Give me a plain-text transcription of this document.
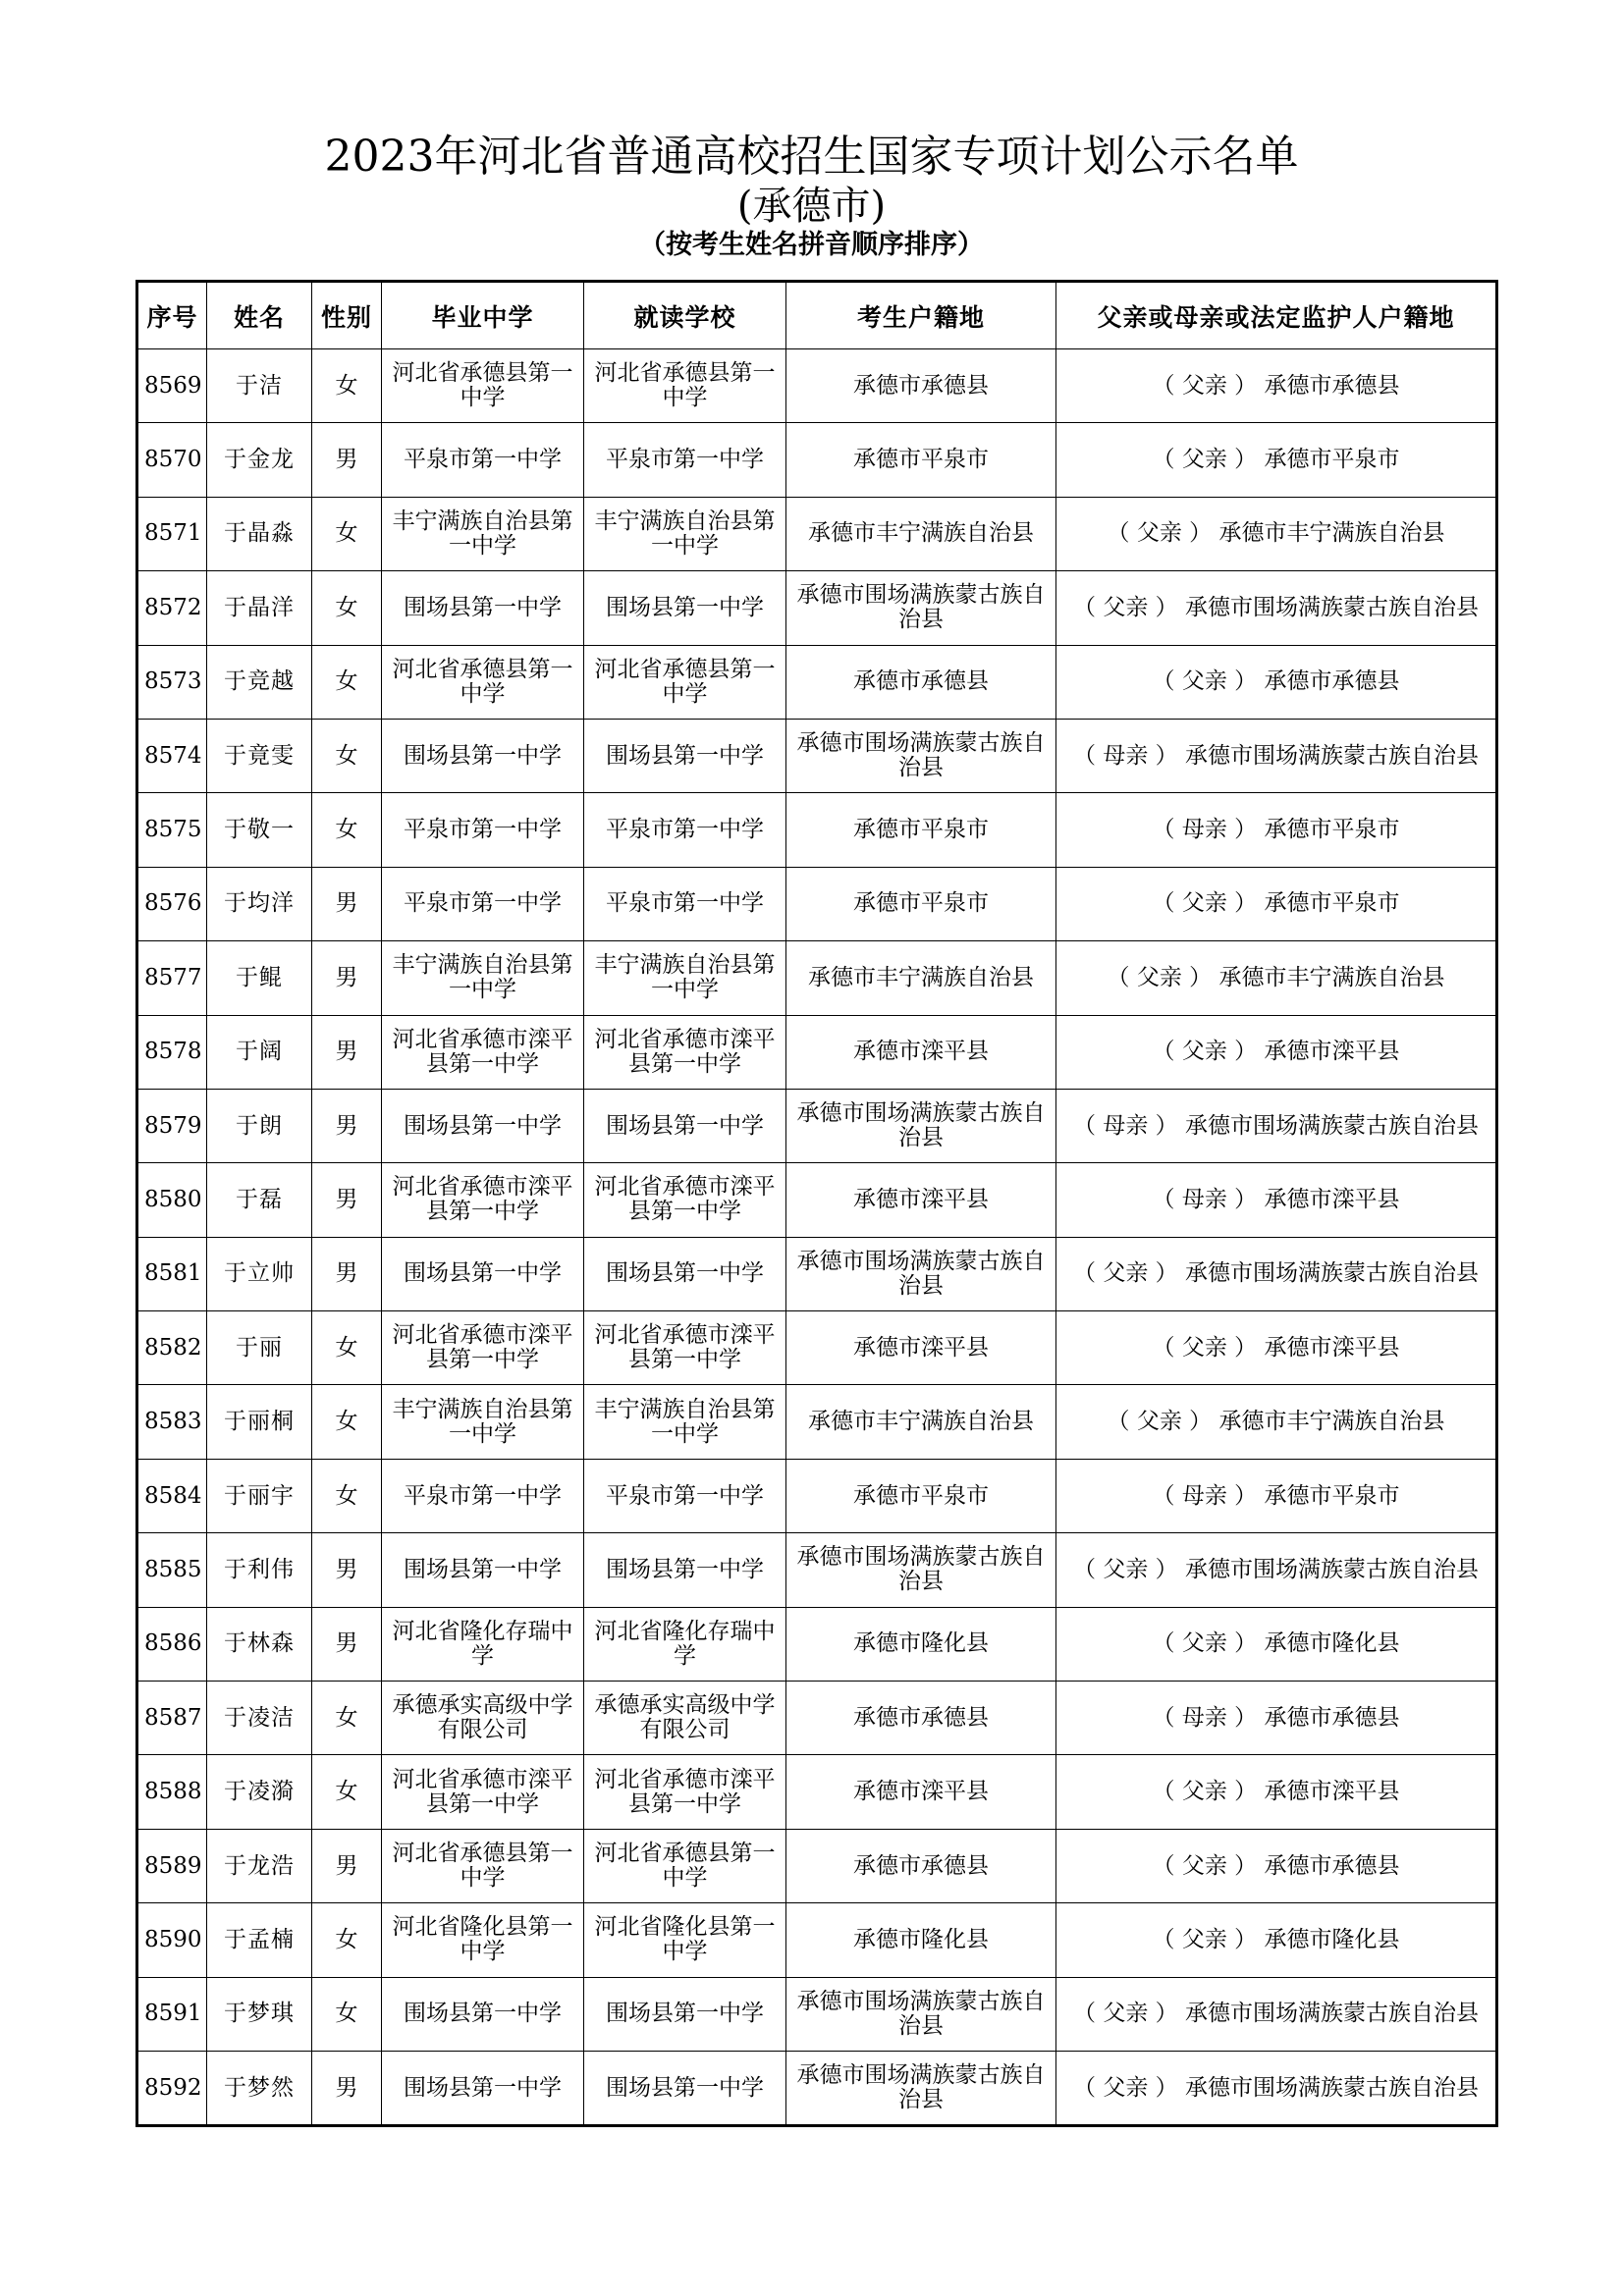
2023年河北省普通高校招生国家专项计划公示名单
(承德市)
（按考生姓名拼音顺序排序）
序号	姓名	性别	毕业中学	就读学校	考生户籍地	父亲或母亲或法定监护人户籍地
8569	于洁	女	河北省承德县第一中学	河北省承德县第一中学	承德市承德县	（ 父亲 ） 承德市承德县
8570	于金龙	男	平泉市第一中学	平泉市第一中学	承德市平泉市	（ 父亲 ） 承德市平泉市
8571	于晶淼	女	丰宁满族自治县第一中学	丰宁满族自治县第一中学	承德市丰宁满族自治县	（ 父亲 ） 承德市丰宁满族自治县
8572	于晶洋	女	围场县第一中学	围场县第一中学	承德市围场满族蒙古族自治县	（ 父亲 ） 承德市围场满族蒙古族自治县
8573	于竞越	女	河北省承德县第一中学	河北省承德县第一中学	承德市承德县	（ 父亲 ） 承德市承德县
8574	于竟雯	女	围场县第一中学	围场县第一中学	承德市围场满族蒙古族自治县	（ 母亲 ） 承德市围场满族蒙古族自治县
8575	于敬一	女	平泉市第一中学	平泉市第一中学	承德市平泉市	（ 母亲 ） 承德市平泉市
8576	于均洋	男	平泉市第一中学	平泉市第一中学	承德市平泉市	（ 父亲 ） 承德市平泉市
8577	于鲲	男	丰宁满族自治县第一中学	丰宁满族自治县第一中学	承德市丰宁满族自治县	（ 父亲 ） 承德市丰宁满族自治县
8578	于阔	男	河北省承德市滦平县第一中学	河北省承德市滦平县第一中学	承德市滦平县	（ 父亲 ） 承德市滦平县
8579	于朗	男	围场县第一中学	围场县第一中学	承德市围场满族蒙古族自治县	（ 母亲 ） 承德市围场满族蒙古族自治县
8580	于磊	男	河北省承德市滦平县第一中学	河北省承德市滦平县第一中学	承德市滦平县	（ 母亲 ） 承德市滦平县
8581	于立帅	男	围场县第一中学	围场县第一中学	承德市围场满族蒙古族自治县	（ 父亲 ） 承德市围场满族蒙古族自治县
8582	于丽	女	河北省承德市滦平县第一中学	河北省承德市滦平县第一中学	承德市滦平县	（ 父亲 ） 承德市滦平县
8583	于丽桐	女	丰宁满族自治县第一中学	丰宁满族自治县第一中学	承德市丰宁满族自治县	（ 父亲 ） 承德市丰宁满族自治县
8584	于丽宇	女	平泉市第一中学	平泉市第一中学	承德市平泉市	（ 母亲 ） 承德市平泉市
8585	于利伟	男	围场县第一中学	围场县第一中学	承德市围场满族蒙古族自治县	（ 父亲 ） 承德市围场满族蒙古族自治县
8586	于林森	男	河北省隆化存瑞中学	河北省隆化存瑞中学	承德市隆化县	（ 父亲 ） 承德市隆化县
8587	于凌洁	女	承德承实高级中学有限公司	承德承实高级中学有限公司	承德市承德县	（ 母亲 ） 承德市承德县
8588	于凌漪	女	河北省承德市滦平县第一中学	河北省承德市滦平县第一中学	承德市滦平县	（ 父亲 ） 承德市滦平县
8589	于龙浩	男	河北省承德县第一中学	河北省承德县第一中学	承德市承德县	（ 父亲 ） 承德市承德县
8590	于孟楠	女	河北省隆化县第一中学	河北省隆化县第一中学	承德市隆化县	（ 父亲 ） 承德市隆化县
8591	于梦琪	女	围场县第一中学	围场县第一中学	承德市围场满族蒙古族自治县	（ 父亲 ） 承德市围场满族蒙古族自治县
8592	于梦然	男	围场县第一中学	围场县第一中学	承德市围场满族蒙古族自治县	（ 父亲 ） 承德市围场满族蒙古族自治县
